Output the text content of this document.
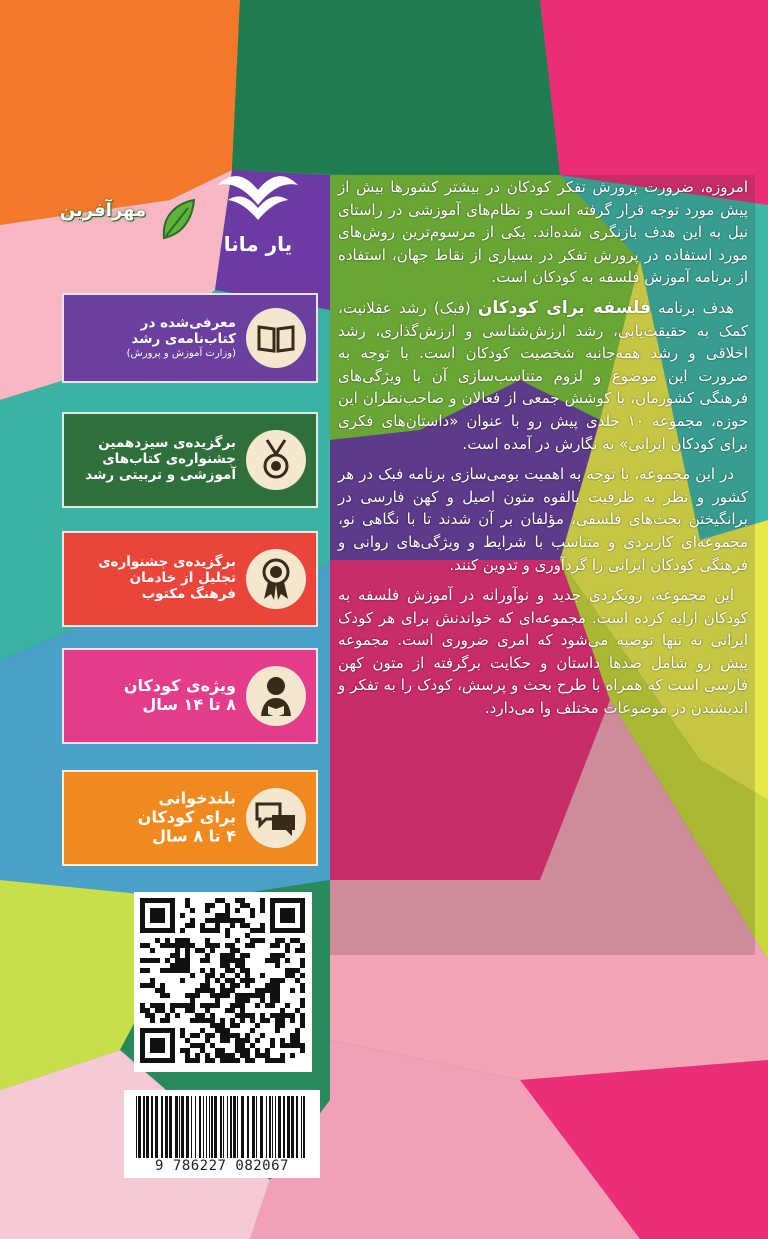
مهرآفرین
یار مانا
معرفی‌شده در
کتاب‌نامه‌ی رشد
(وزارت آموزش و پرورش)
برگزیده‌ی سیزدهمین
جشنواره‌ی کتاب‌های
آموزشی و تربیتی رشد
برگزیده‌ی جشنواره‌ی
تجلیل از خادمان
فرهنگ مکتوب
ویژه‌ی کودکان
۸ تا ۱۴ سال
بلندخوانی
برای کودکان
۴ تا ۸ سال
9 786227 082067

امروزه، ضرورت پرورش تفکر کودکان در بیشتر کشورها بیش از پیش مورد توجه قرار گرفته است و نظام‌های آموزشی در راستای نیل به این هدف بازنگری شده‌اند. یکی از مرسوم‌ترین روش‌های مورد استفاده در پرورش تفکر در بسیاری از نقاط جهان، استفاده از برنامه آموزش فلسفه به کودکان است.

هدف برنامه فلسفه برای کودکان (فبک) رشد عقلانیت، کمک به حقیقت‌یابی، رشد ارزش‌شناسی و ارزش‌گذاری، رشد اخلاقی و رشد همه‌جانبه شخصیت کودکان است. با توجه به ضرورت این موضوع و لزوم متناسب‌سازی آن با ویژگی‌های فرهنگی کشورمان، با کوشش جمعی از فعالان و صاحب‌نظران این حوزه، مجموعه ۱۰ جلدی پیش رو با عنوان «داستان‌های فکری برای کودکان ایرانی» به نگارش در آمده است.

در این مجموعه، با توجه به اهمیت بومی‌سازی برنامه فبک در هر کشور و نظر به ظرفیت بالقوه متون اصیل و کهن فارسی در برانگیختن بحث‌های فلسفی، مؤلفان بر آن شدند تا با نگاهی نو، مجموعه‌ای کاربردی و متناسب با شرایط و ویژگی‌های روانی و فرهنگی کودکان ایرانی را گردآوری و تدوین کنند.

این مجموعه، رویکردی جدید و نوآورانه در آموزش فلسفه به کودکان ارایه کرده است. مجموعه‌ای که خواندنش برای هر کودک ایرانی نه تنها توصیه می‌شود که امری ضروری است. مجموعه پیش رو شامل صدها داستان و حکایت برگرفته از متون کهن فارسی است که همراه با طرح بحث و پرسش، کودک را به تفکر و اندیشیدن در موضوعات مختلف وا می‌دارد.
